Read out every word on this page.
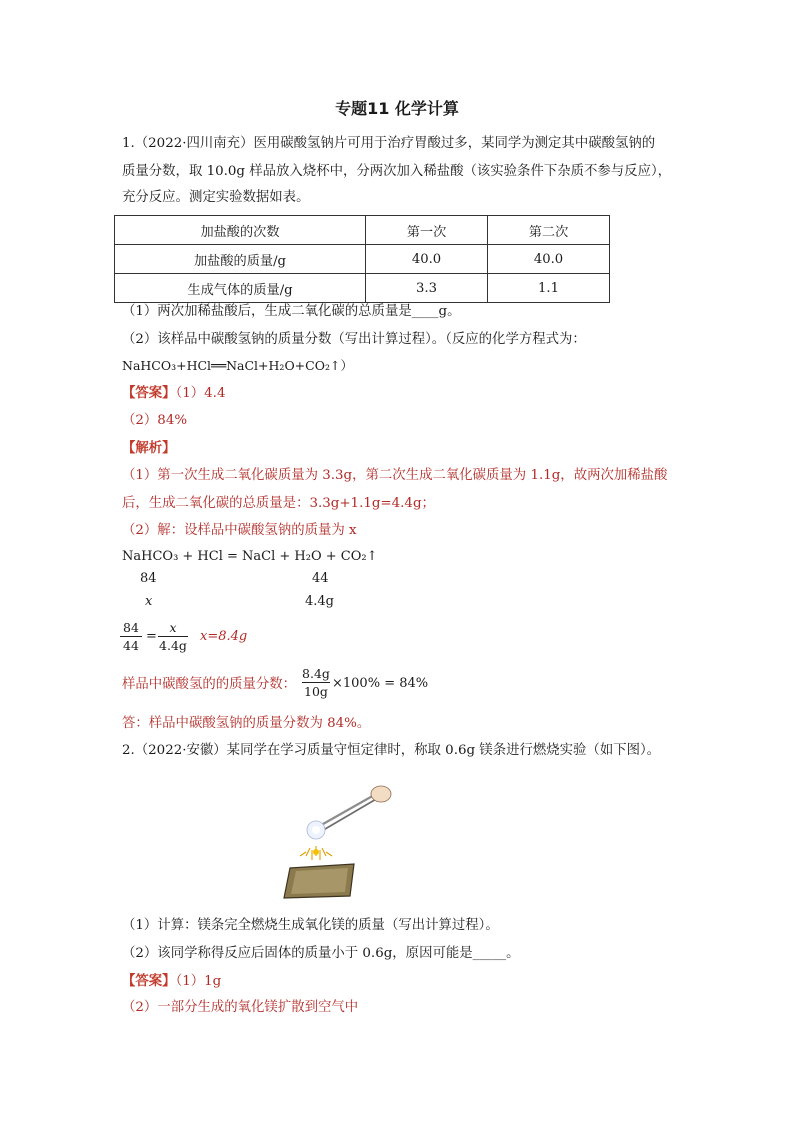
专题11 化学计算
1.（2022·四川南充）医用碳酸氢钠片可用于治疗胃酸过多，某同学为测定其中碳酸氢钠的
质量分数，取 10.0g 样品放入烧杯中，分两次加入稀盐酸（该实验条件下杂质不参与反应），
充分反应。测定实验数据如表。
加盐酸的次数	第一次	第二次
加盐酸的质量/g	40.0	40.0
生成气体的质量/g	3.3	1.1
（1）两次加稀盐酸后，生成二氧化碳的总质量是____g。
（2）该样品中碳酸氢钠的质量分数（写出计算过程）。（反应的化学方程式为：
NaHCO₃+HCl══NaCl+H₂O+CO₂↑）
【答案】（1）4.4
（2）84%
【解析】
（1）第一次生成二氧化碳质量为 3.3g，第二次生成二氧化碳质量为 1.1g，故两次加稀盐酸
后，生成二氧化碳的总质量是：3.3g+1.1g=4.4g；
（2）解：设样品中碳酸氢钠的质量为 x
NaHCO₃ + HCl = NaCl + H₂O + CO₂↑
84	44
x	4.4g
84
44
=
x
4.4g
x=8.4g
样品中碳酸氢的的质量分数：
8.4g
10g
×100% = 84%
答：样品中碳酸氢钠的质量分数为 84%。
2.（2022·安徽）某同学在学习质量守恒定律时，称取 0.6g 镁条进行燃烧实验（如下图）。
（1）计算：镁条完全燃烧生成氧化镁的质量（写出计算过程）。
（2）该同学称得反应后固体的质量小于 0.6g，原因可能是_____。
【答案】（1）1g
（2）一部分生成的氧化镁扩散到空气中
